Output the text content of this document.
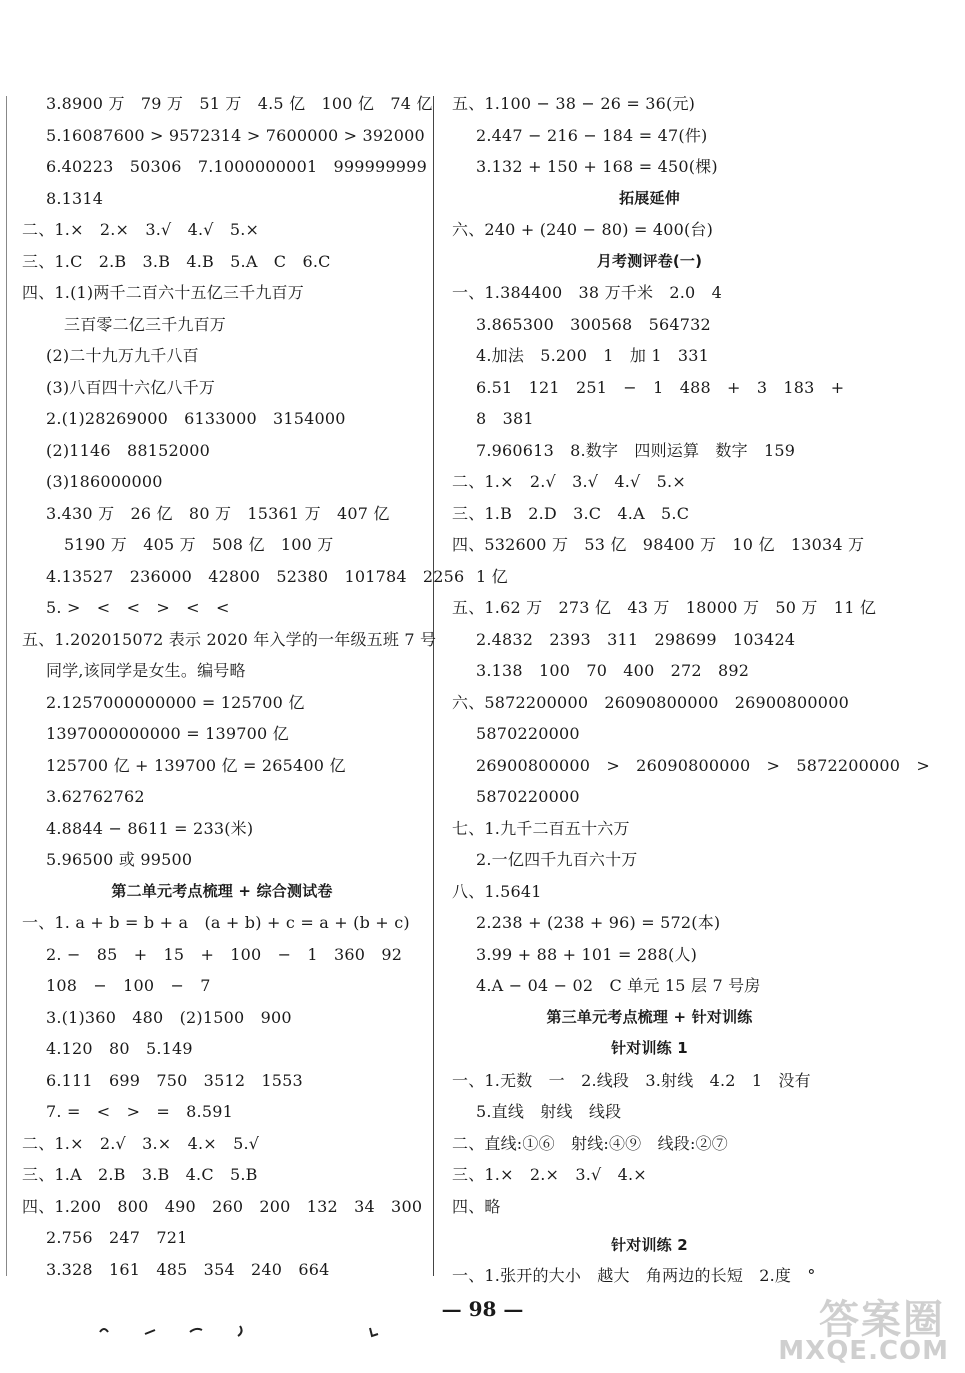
3.8900 万　79 万　51 万　4.5 亿　100 亿　74 亿
5.16087600 > 9572314 > 7600000 > 392000
6.40223　50306　7.1000000001　999999999
8.1314
二、1.×　2.×　3.√　4.√　5.×
三、1.C　2.B　3.B　4.B　5.A　C　6.C
四、1.(1)两千二百六十五亿三千九百万
三百零二亿三千九百万
(2)二十九万九千八百
(3)八百四十六亿八千万
2.(1)28269000　6133000　3154000
(2)1146　88152000
(3)186000000
3.430 万　26 亿　80 万　15361 万　407 亿
5190 万　405 万　508 亿　100 万
4.13527　236000　42800　52380　101784　2256
5. >　<　<　>　<　<
五、1.202015072 表示 2020 年入学的一年级五班 7 号
同学,该同学是女生。编号略
2.1257000000000 = 125700 亿
1397000000000 = 139700 亿
125700 亿 + 139700 亿 = 265400 亿
3.62762762
4.8844 − 8611 = 233(米)
5.96500 或 99500
第二单元考点梳理 + 综合测试卷
一、1. a + b = b + a　(a + b) + c = a + (b + c)
2. −　85　+　15　+　100　−　1　360　92
108　−　100　−　7
3.(1)360　480　(2)1500　900
4.120　80　5.149
6.111　699　750　3512　1553
7. =　<　>　=　8.591
二、1.×　2.√　3.×　4.×　5.√
三、1.A　2.B　3.B　4.C　5.B
四、1.200　800　490　260　200　132　34　300
2.756　247　721
3.328　161　485　354　240　664
五、1.100 − 38 − 26 = 36(元)
2.447 − 216 − 184 = 47(件)
3.132 + 150 + 168 = 450(棵)
拓展延伸
六、240 + (240 − 80) = 400(台)
月考测评卷(一)
一、1.384400　38 万千米　2.0　4
3.865300　300568　564732
4.加法　5.200　1　加 1　331
6.51　121　251　−　1　488　+　3　183　+
8　381
7.960613　8.数字　四则运算　数字　159
二、1.×　2.√　3.√　4.√　5.×
三、1.B　2.D　3.C　4.A　5.C
四、532600 万　53 亿　98400 万　10 亿　13034 万
1 亿
五、1.62 万　273 亿　43 万　18000 万　50 万　11 亿
2.4832　2393　311　298699　103424
3.138　100　70　400　272　892
六、5872200000　26090800000　26900800000
5870220000
26900800000　>　26090800000　>　5872200000　>
5870220000
七、1.九千二百五十六万
2.一亿四千九百六十万
八、1.5641
2.238 + (238 + 96) = 572(本)
3.99 + 88 + 101 = 288(人)
4.A − 04 − 02　C 单元 15 层 7 号房
第三单元考点梳理 + 针对训练
针对训练 1
一、1.无数　一　2.线段　3.射线　4.2　1　没有
5.直线　射线　线段
二、直线:①⑥　射线:④⑨　线段:②⑦
三、1.×　2.×　3.√　4.×
四、略
针对训练 2
一、1.张开的大小　越大　角两边的长短　2.度　°
— 98 —	答案圈
MXQE.COM
